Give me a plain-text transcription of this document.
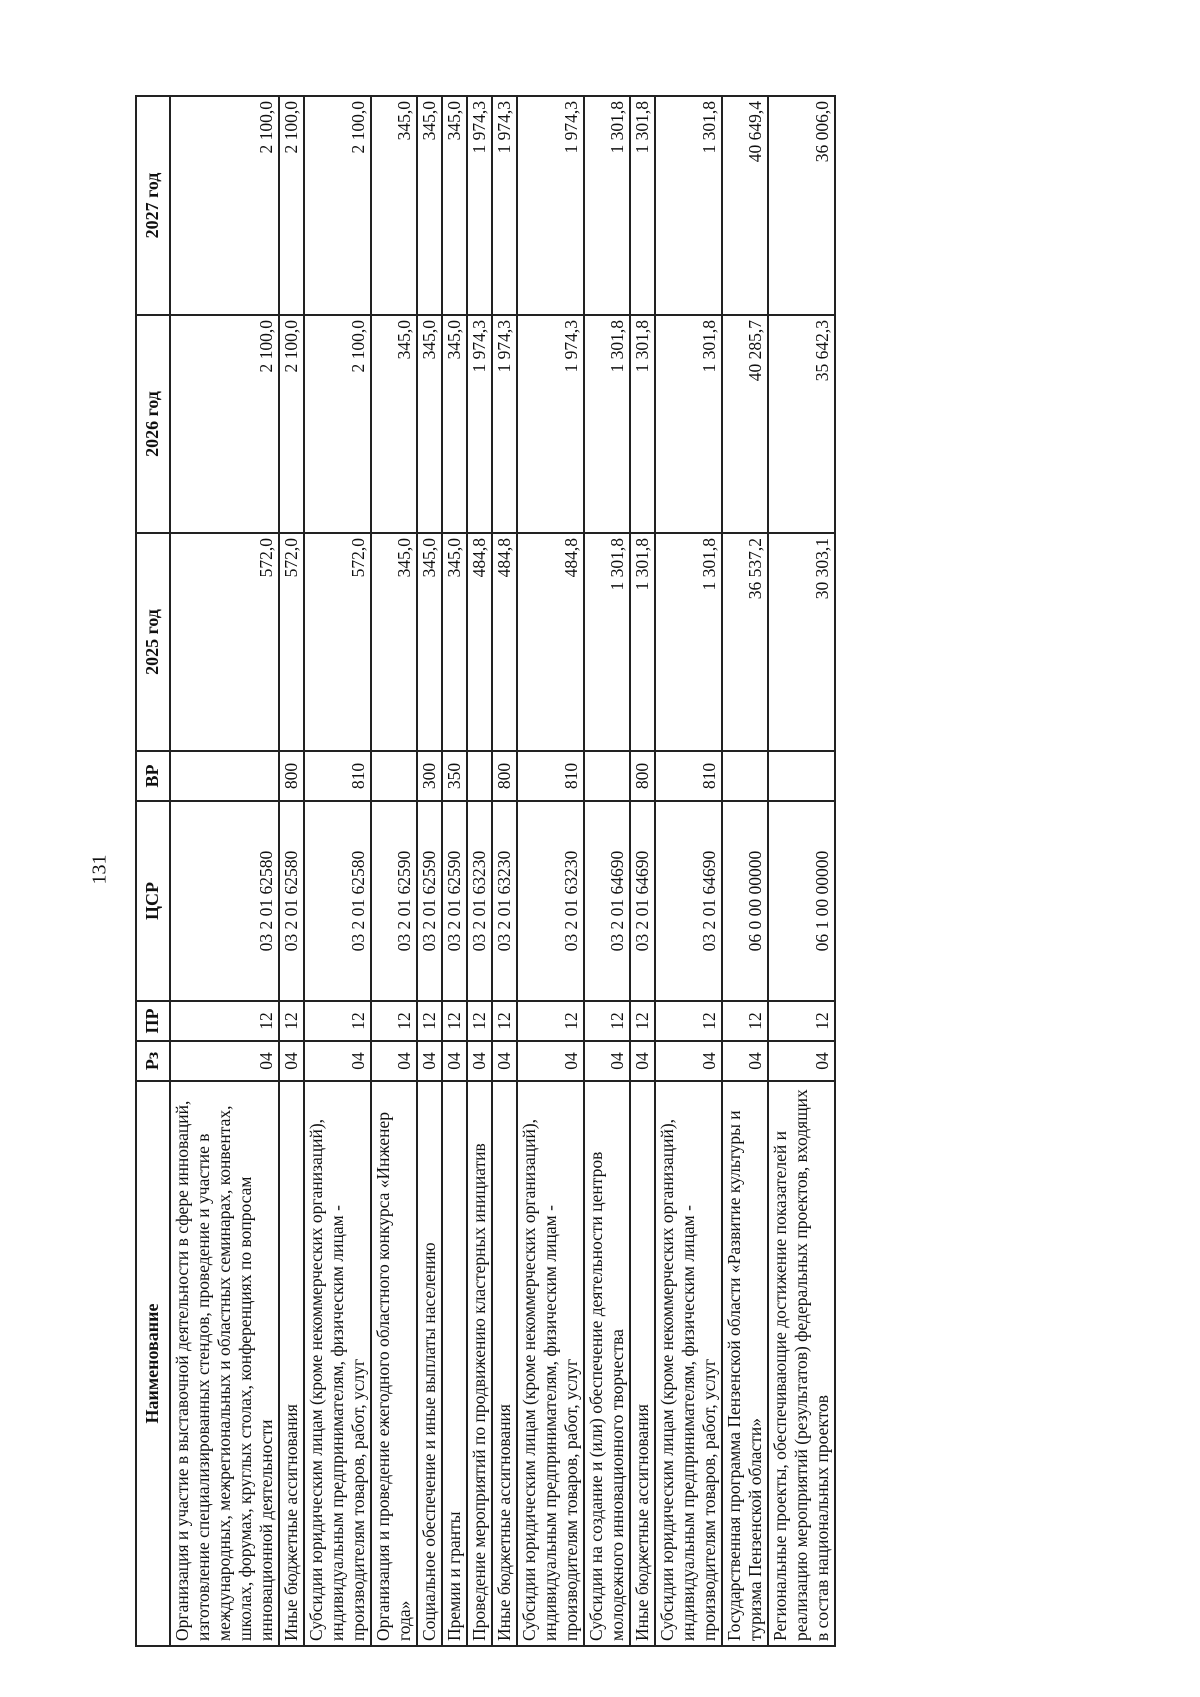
131
Наименование	Рз	ПР	ЦСР	ВР	2025 год	2026 год	2027 год
Организация и участие в выставочной деятельности в сфере инноваций, изготовление специализированных стендов, проведение и участие в международных, межрегиональных и областных семинарах, конвентах, школах, форумах, круглых столах, конференциях по вопросам инновационной деятельности	04	12	03 2 01 62580		572,0	2 100,0	2 100,0
Иные бюджетные ассигнования	04	12	03 2 01 62580	800	572,0	2 100,0	2 100,0
Субсидии юридическим лицам (кроме некоммерческих организаций), индивидуальным предпринимателям, физическим лицам - производителям товаров, работ, услуг	04	12	03 2 01 62580	810	572,0	2 100,0	2 100,0
Организация и проведение ежегодного областного конкурса «Инженер года»	04	12	03 2 01 62590		345,0	345,0	345,0
Социальное обеспечение и иные выплаты населению	04	12	03 2 01 62590	300	345,0	345,0	345,0
Премии и гранты	04	12	03 2 01 62590	350	345,0	345,0	345,0
Проведение мероприятий по продвижению кластерных инициатив	04	12	03 2 01 63230		484,8	1 974,3	1 974,3
Иные бюджетные ассигнования	04	12	03 2 01 63230	800	484,8	1 974,3	1 974,3
Субсидии юридическим лицам (кроме некоммерческих организаций), индивидуальным предпринимателям, физическим лицам - производителям товаров, работ, услуг	04	12	03 2 01 63230	810	484,8	1 974,3	1 974,3
Субсидии на создание и (или) обеспечение деятельности центров молодежного инновационного творчества	04	12	03 2 01 64690		1 301,8	1 301,8	1 301,8
Иные бюджетные ассигнования	04	12	03 2 01 64690	800	1 301,8	1 301,8	1 301,8
Субсидии юридическим лицам (кроме некоммерческих организаций), индивидуальным предпринимателям, физическим лицам - производителям товаров, работ, услуг	04	12	03 2 01 64690	810	1 301,8	1 301,8	1 301,8
Государственная программа Пензенской области «Развитие культуры и туризма Пензенской области»	04	12	06 0 00 00000		36 537,2	40 285,7	40 649,4
Региональные проекты, обеспечивающие достижение показателей и реализацию мероприятий (результатов) федеральных проектов, входящих в состав национальных проектов	04	12	06 1 00 00000		30 303,1	35 642,3	36 006,0
